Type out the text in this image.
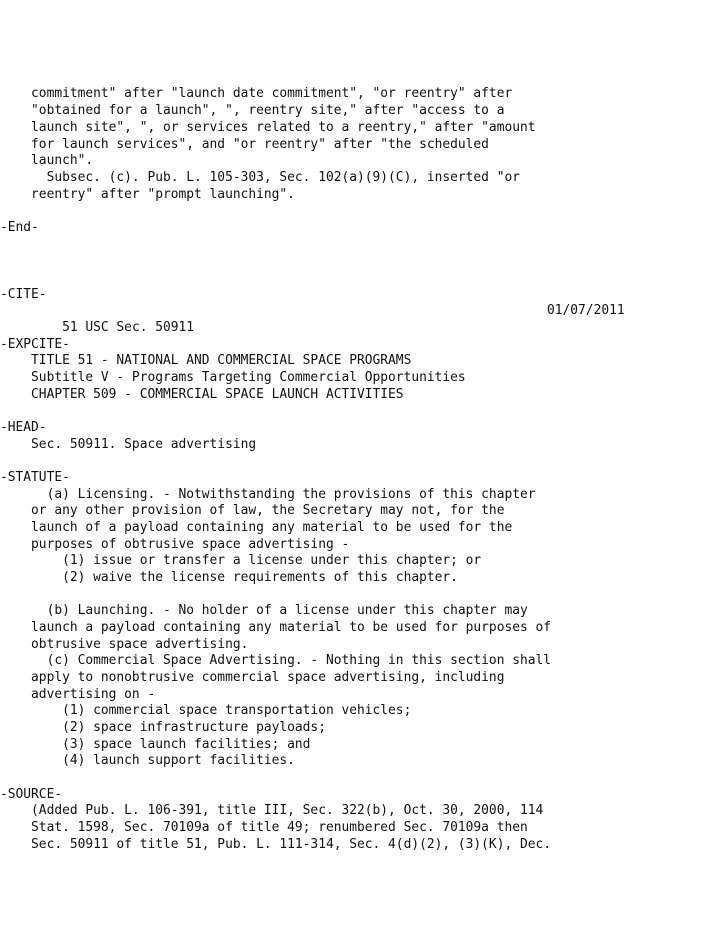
commitment" after "launch date commitment", "or reentry" after
"obtained for a launch", ", reentry site," after "access to a
launch site", ", or services related to a reentry," after "amount
for launch services", and "or reentry" after "the scheduled
launch".
Subsec. (c). Pub. L. 105-303, Sec. 102(a)(9)(C), inserted "or
reentry" after "prompt launching".
-End-
-CITE-

51 USC Sec. 50911

01/07/2011

-EXPCITE-
TITLE 51 - NATIONAL AND COMMERCIAL SPACE PROGRAMS
Subtitle V - Programs Targeting Commercial Opportunities
CHAPTER 509 - COMMERCIAL SPACE LAUNCH ACTIVITIES
-HEAD-
Sec. 50911. Space advertising
-STATUTE-
(a) Licensing. - Notwithstanding the provisions of this chapter
or any other provision of law, the Secretary may not, for the
launch of a payload containing any material to be used for the
purposes of obtrusive space advertising -
(1) issue or transfer a license under this chapter; or
(2) waive the license requirements of this chapter.
(b) Launching. - No holder of a license under this chapter may
launch a payload containing any material to be used for purposes of
obtrusive space advertising.
(c) Commercial Space Advertising. - Nothing in this section shall
apply to nonobtrusive commercial space advertising, including
advertising on -
(1) commercial space transportation vehicles;
(2) space infrastructure payloads;
(3) space launch facilities; and
(4) launch support facilities.
-SOURCE-
(Added Pub. L. 106-391, title III, Sec. 322(b), Oct. 30, 2000, 114
Stat. 1598, Sec. 70109a of title 49; renumbered Sec. 70109a then
Sec. 50911 of title 51, Pub. L. 111-314, Sec. 4(d)(2), (3)(K), Dec.
